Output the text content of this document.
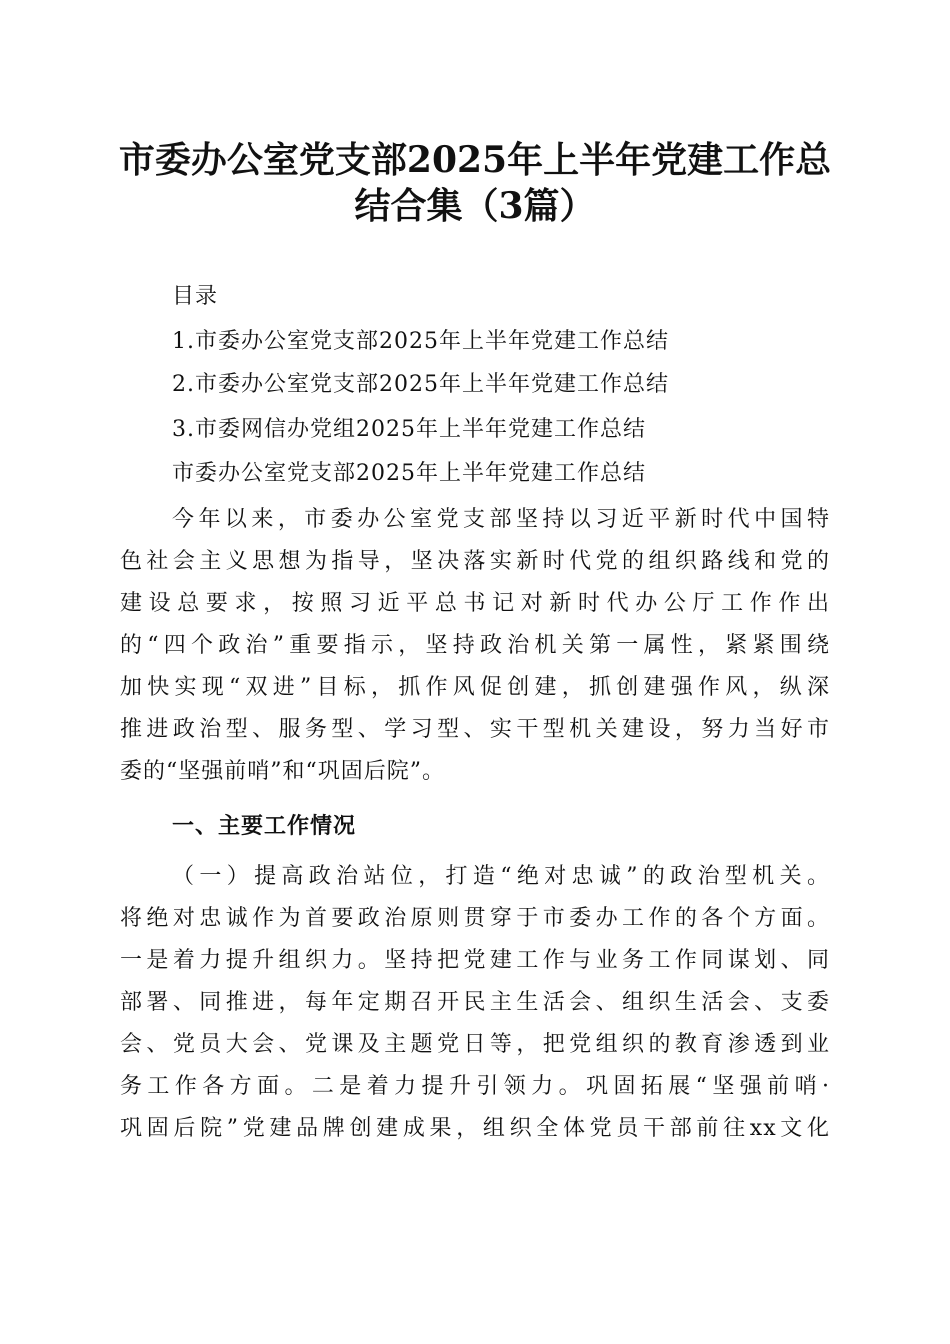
市委办公室党支部2025年上半年党建工作总
结合集（3篇）
目录
1.市委办公室党支部2025年上半年党建工作总结
2.市委办公室党支部2025年上半年党建工作总结
3.市委网信办党组2025年上半年党建工作总结
市委办公室党支部2025年上半年党建工作总结
今年以来，市委办公室党支部坚持以习近平新时代中国特
色社会主义思想为指导，坚决落实新时代党的组织路线和党的
建设总要求，按照习近平总书记对新时代办公厅工作作出
的“四个政治”重要指示，坚持政治机关第一属性，紧紧围绕
加快实现“双进”目标，抓作风促创建，抓创建强作风，纵深
推进政治型、服务型、学习型、实干型机关建设，努力当好市
委的“坚强前哨”和“巩固后院”。
一、主要工作情况
（一）提高政治站位，打造“绝对忠诚”的政治型机关。
将绝对忠诚作为首要政治原则贯穿于市委办工作的各个方面。
一是着力提升组织力。坚持把党建工作与业务工作同谋划、同
部署、同推进，每年定期召开民主生活会、组织生活会、支委
会、党员大会、党课及主题党日等，把党组织的教育渗透到业
务工作各方面。二是着力提升引领力。巩固拓展“坚强前哨·
巩固后院”党建品牌创建成果，组织全体党员干部前往xx文化
